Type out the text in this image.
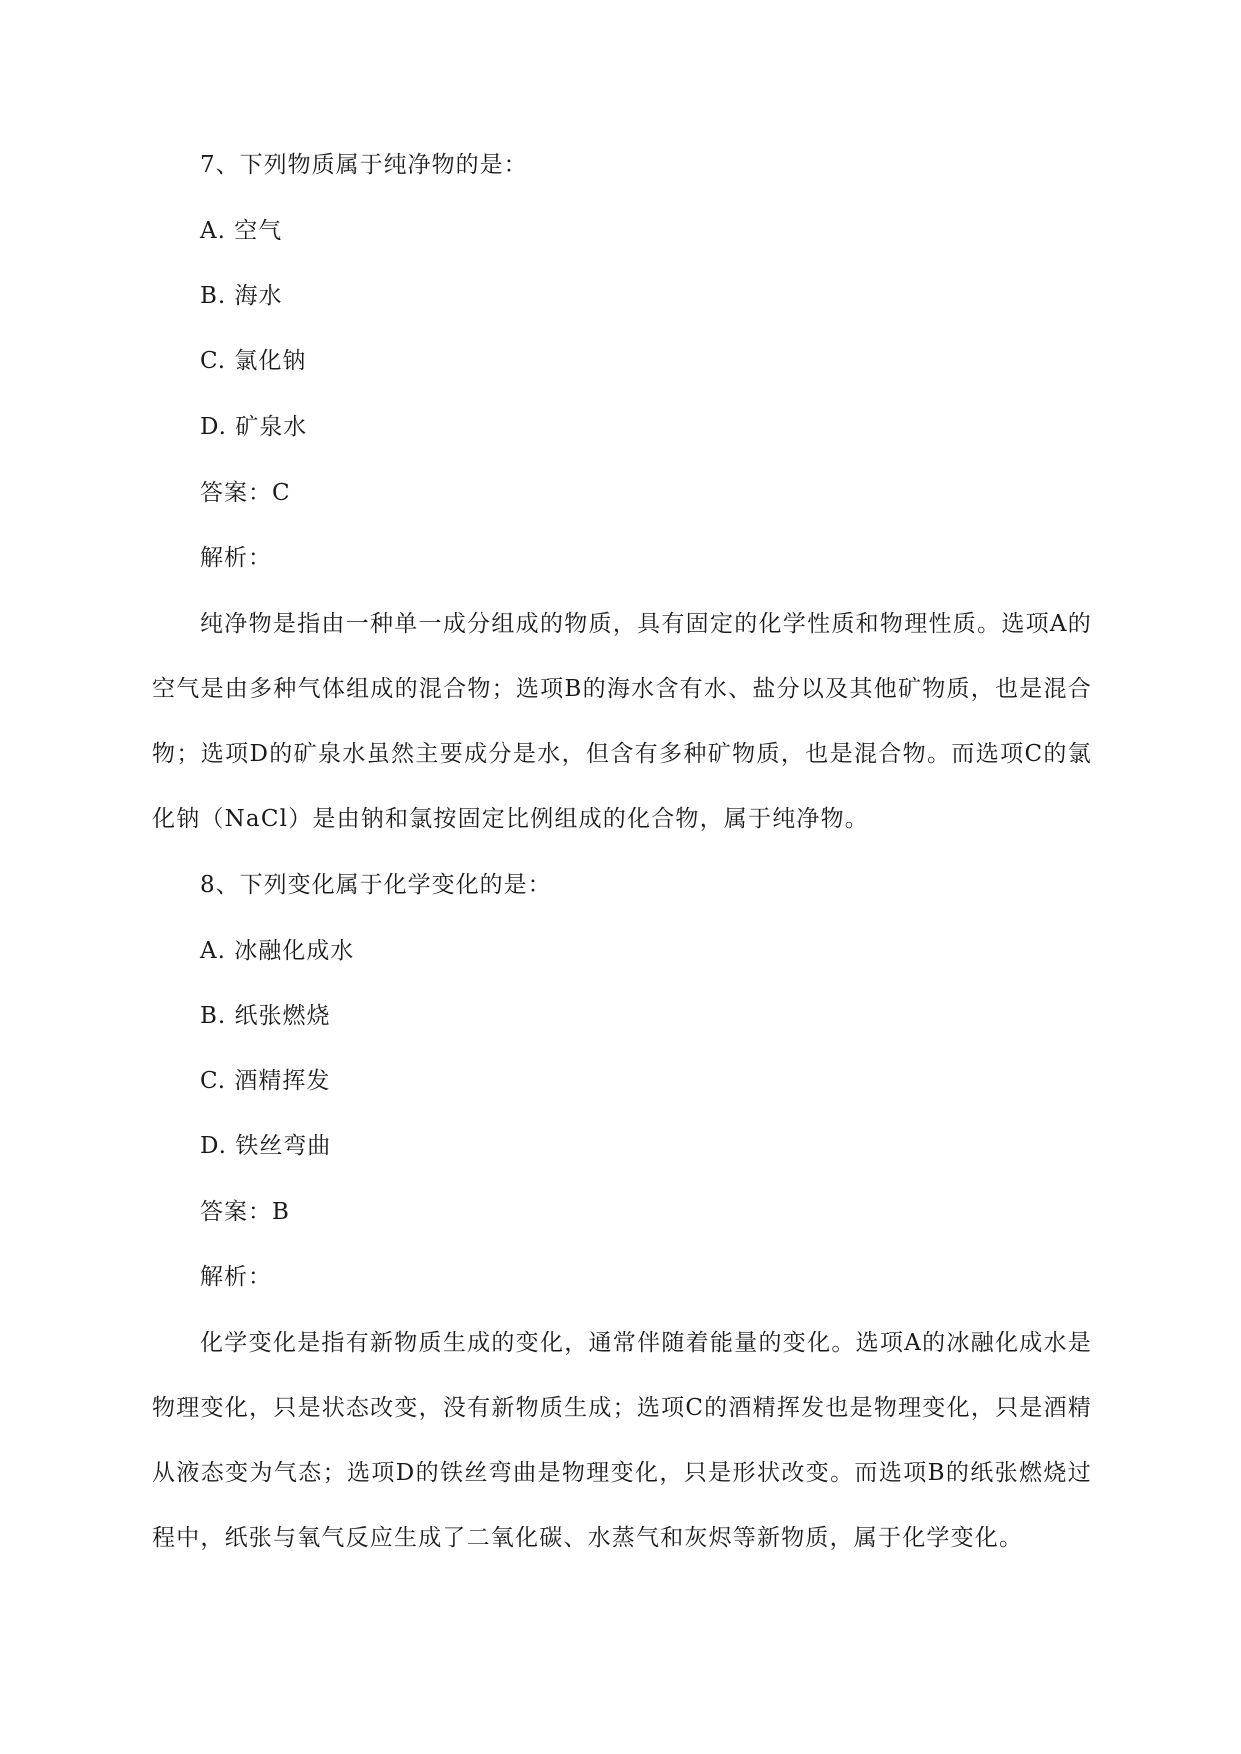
7、下列物质属于纯净物的是：
A. 空气
B. 海水
C. 氯化钠
D. 矿泉水
答案：C
解析：
纯净物是指由一种单一成分组成的物质，具有固定的化学性质和物理性质。选项A的空气是由多种气体组成的混合物；选项B的海水含有水、盐分以及其他矿物质，也是混合物；选项D的矿泉水虽然主要成分是水，但含有多种矿物质，也是混合物。而选项C的氯化钠（NaCl）是由钠和氯按固定比例组成的化合物，属于纯净物。
8、下列变化属于化学变化的是：
A. 冰融化成水
B. 纸张燃烧
C. 酒精挥发
D. 铁丝弯曲
答案：B
解析：
化学变化是指有新物质生成的变化，通常伴随着能量的变化。选项A的冰融化成水是物理变化，只是状态改变，没有新物质生成；选项C的酒精挥发也是物理变化，只是酒精从液态变为气态；选项D的铁丝弯曲是物理变化，只是形状改变。而选项B的纸张燃烧过程中，纸张与氧气反应生成了二氧化碳、水蒸气和灰烬等新物质，属于化学变化。
